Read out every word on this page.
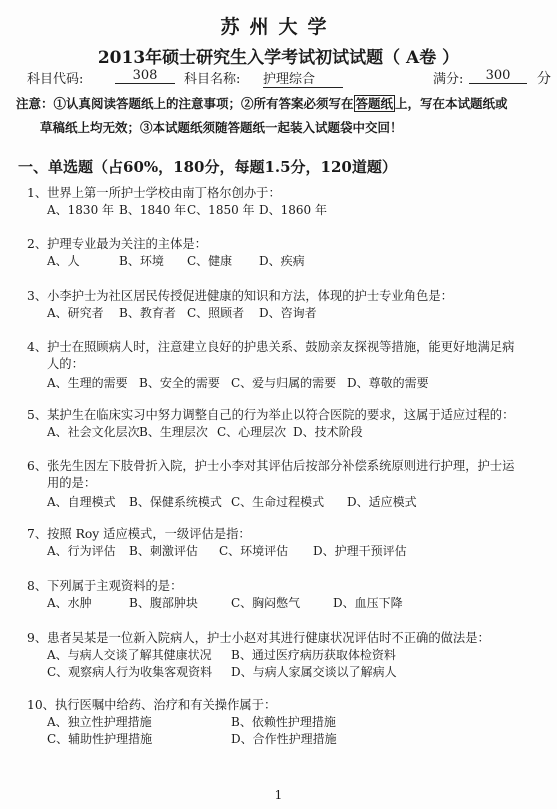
苏州大学
2013年硕士研究生入学考试初试试题（ A卷 ）
科目代码:	308	科目名称: 护理综合	满分:	300	分
注意：①认真阅读答题纸上的注意事项；②所有答案必须写在 答题纸 上，写在本试题纸或
草稿纸上均无效；③本试题纸须随答题纸一起装入试题袋中交回！
一、单选题（占60%，180分，每题1.5分，120道题）
1、世界上第一所护士学校由南丁格尔创办于：
A、1830 年 B、1840 年 C、1850 年 D、1860 年
2、护理专业最为关注的主体是：
A、人	B、环境 C、健康 D、疾病
3、小李护士为社区居民传授促进健康的知识和方法，体现的护士专业角色是：
A、研究者 B、教育者 C、照顾者 D、咨询者
4、护士在照顾病人时，注意建立良好的护患关系、鼓励亲友探视等措施，能更好地满足病
人的：
A、生理的需要 B、安全的需要 C、爱与归属的需要 D、尊敬的需要
5、某护生在临床实习中努力调整自己的行为举止以符合医院的要求，这属于适应过程的：
A、社会文化层次 B、生理层次 C、心理层次 D、技术阶段
6、张先生因左下肢骨折入院，护士小李对其评估后按部分补偿系统原则进行护理，护士运
用的是：
A、自理模式 B、保健系统模式 C、生命过程模式 D、适应模式
7、按照 Roy 适应模式，一级评估是指：
A、行为评估 B、刺激评估 C、环境评估 D、护理干预评估
8、下列属于主观资料的是：
A、水肿	B、腹部肿块	C、胸闷憋气	D、血压下降
9、患者吴某是一位新入院病人，护士小赵对其进行健康状况评估时不正确的做法是：
A、与病人交谈了解其健康状况 B、通过医疗病历获取体检资料
C、观察病人行为收集客观资料 D、与病人家属交谈以了解病人
10、执行医嘱中给药、治疗和有关操作属于：
A、独立性护理措施	B、依赖性护理措施
C、辅助性护理措施	D、合作性护理措施
1
